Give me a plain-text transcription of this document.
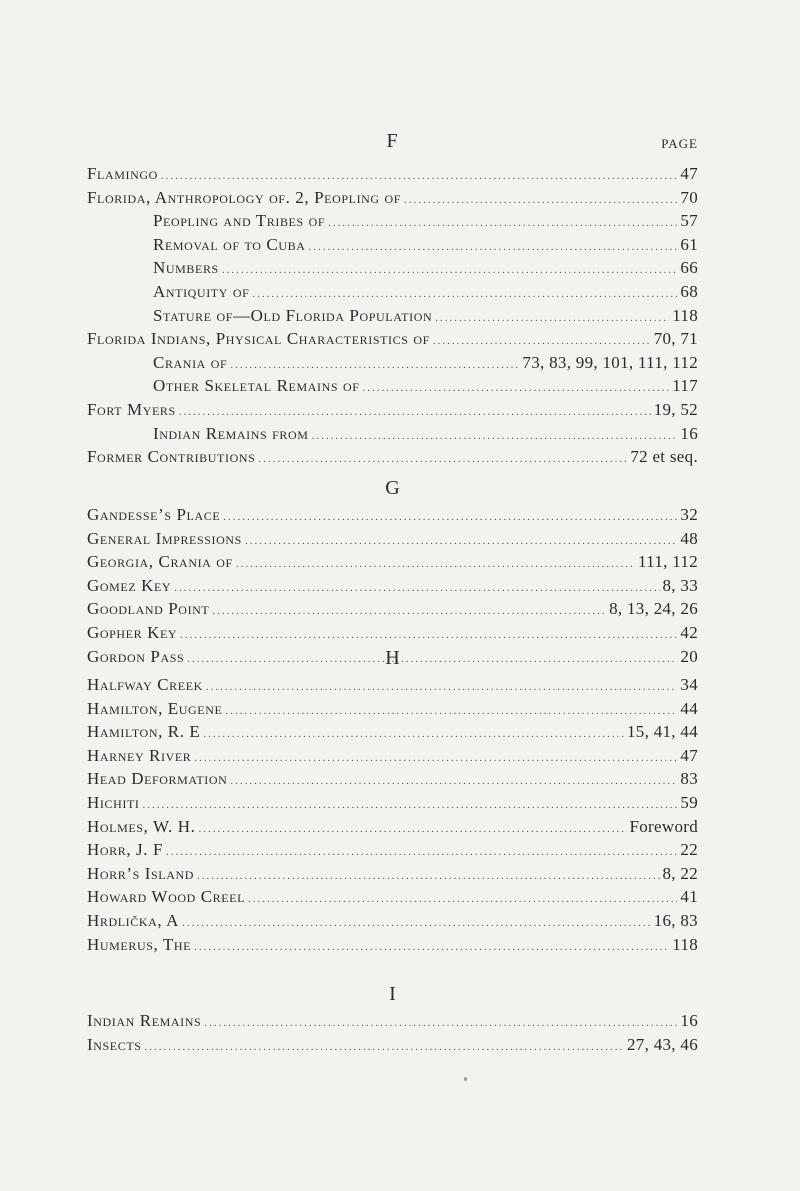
F	PAGE
Flamingo .....	47
Florida, Anthropology of. 2, Peopling of .....	70
Peopling and Tribes of .....	57
Removal of to Cuba .....	61
Numbers .....	66
Antiquity of .....	68
Stature of—Old Florida Population .....	118
Florida Indians, Physical Characteristics of .....	70, 71
Crania of .....	73, 83, 99, 101, 111, 112
Other Skeletal Remains of .....	117
Fort Myers .....	19, 52
Indian Remains from .....	16
Former Contributions .....	72 et seq.
G
Gandesse’s Place .....	32
General Impressions .....	48
Georgia, Crania of .....	111, 112
Gomez Key .....	8, 33
Goodland Point .....	8, 13, 24, 26
Gopher Key .....	42
Gordon Pass .....	20
H
Halfway Creek .....	34
Hamilton, Eugene .....	44
Hamilton, R. E .....	15, 41, 44
Harney River .....	47
Head Deformation .....	83
Hichiti .....	59
Holmes, W. H. .....	Foreword
Horr, J. F .....	22
Horr’s Island .....	8, 22
Howard Wood Creel .....	41
Hrdlička, A .....	16, 83
Humerus, The .....	118
I
Indian Remains .....	16
Insects .....	27, 43, 46
